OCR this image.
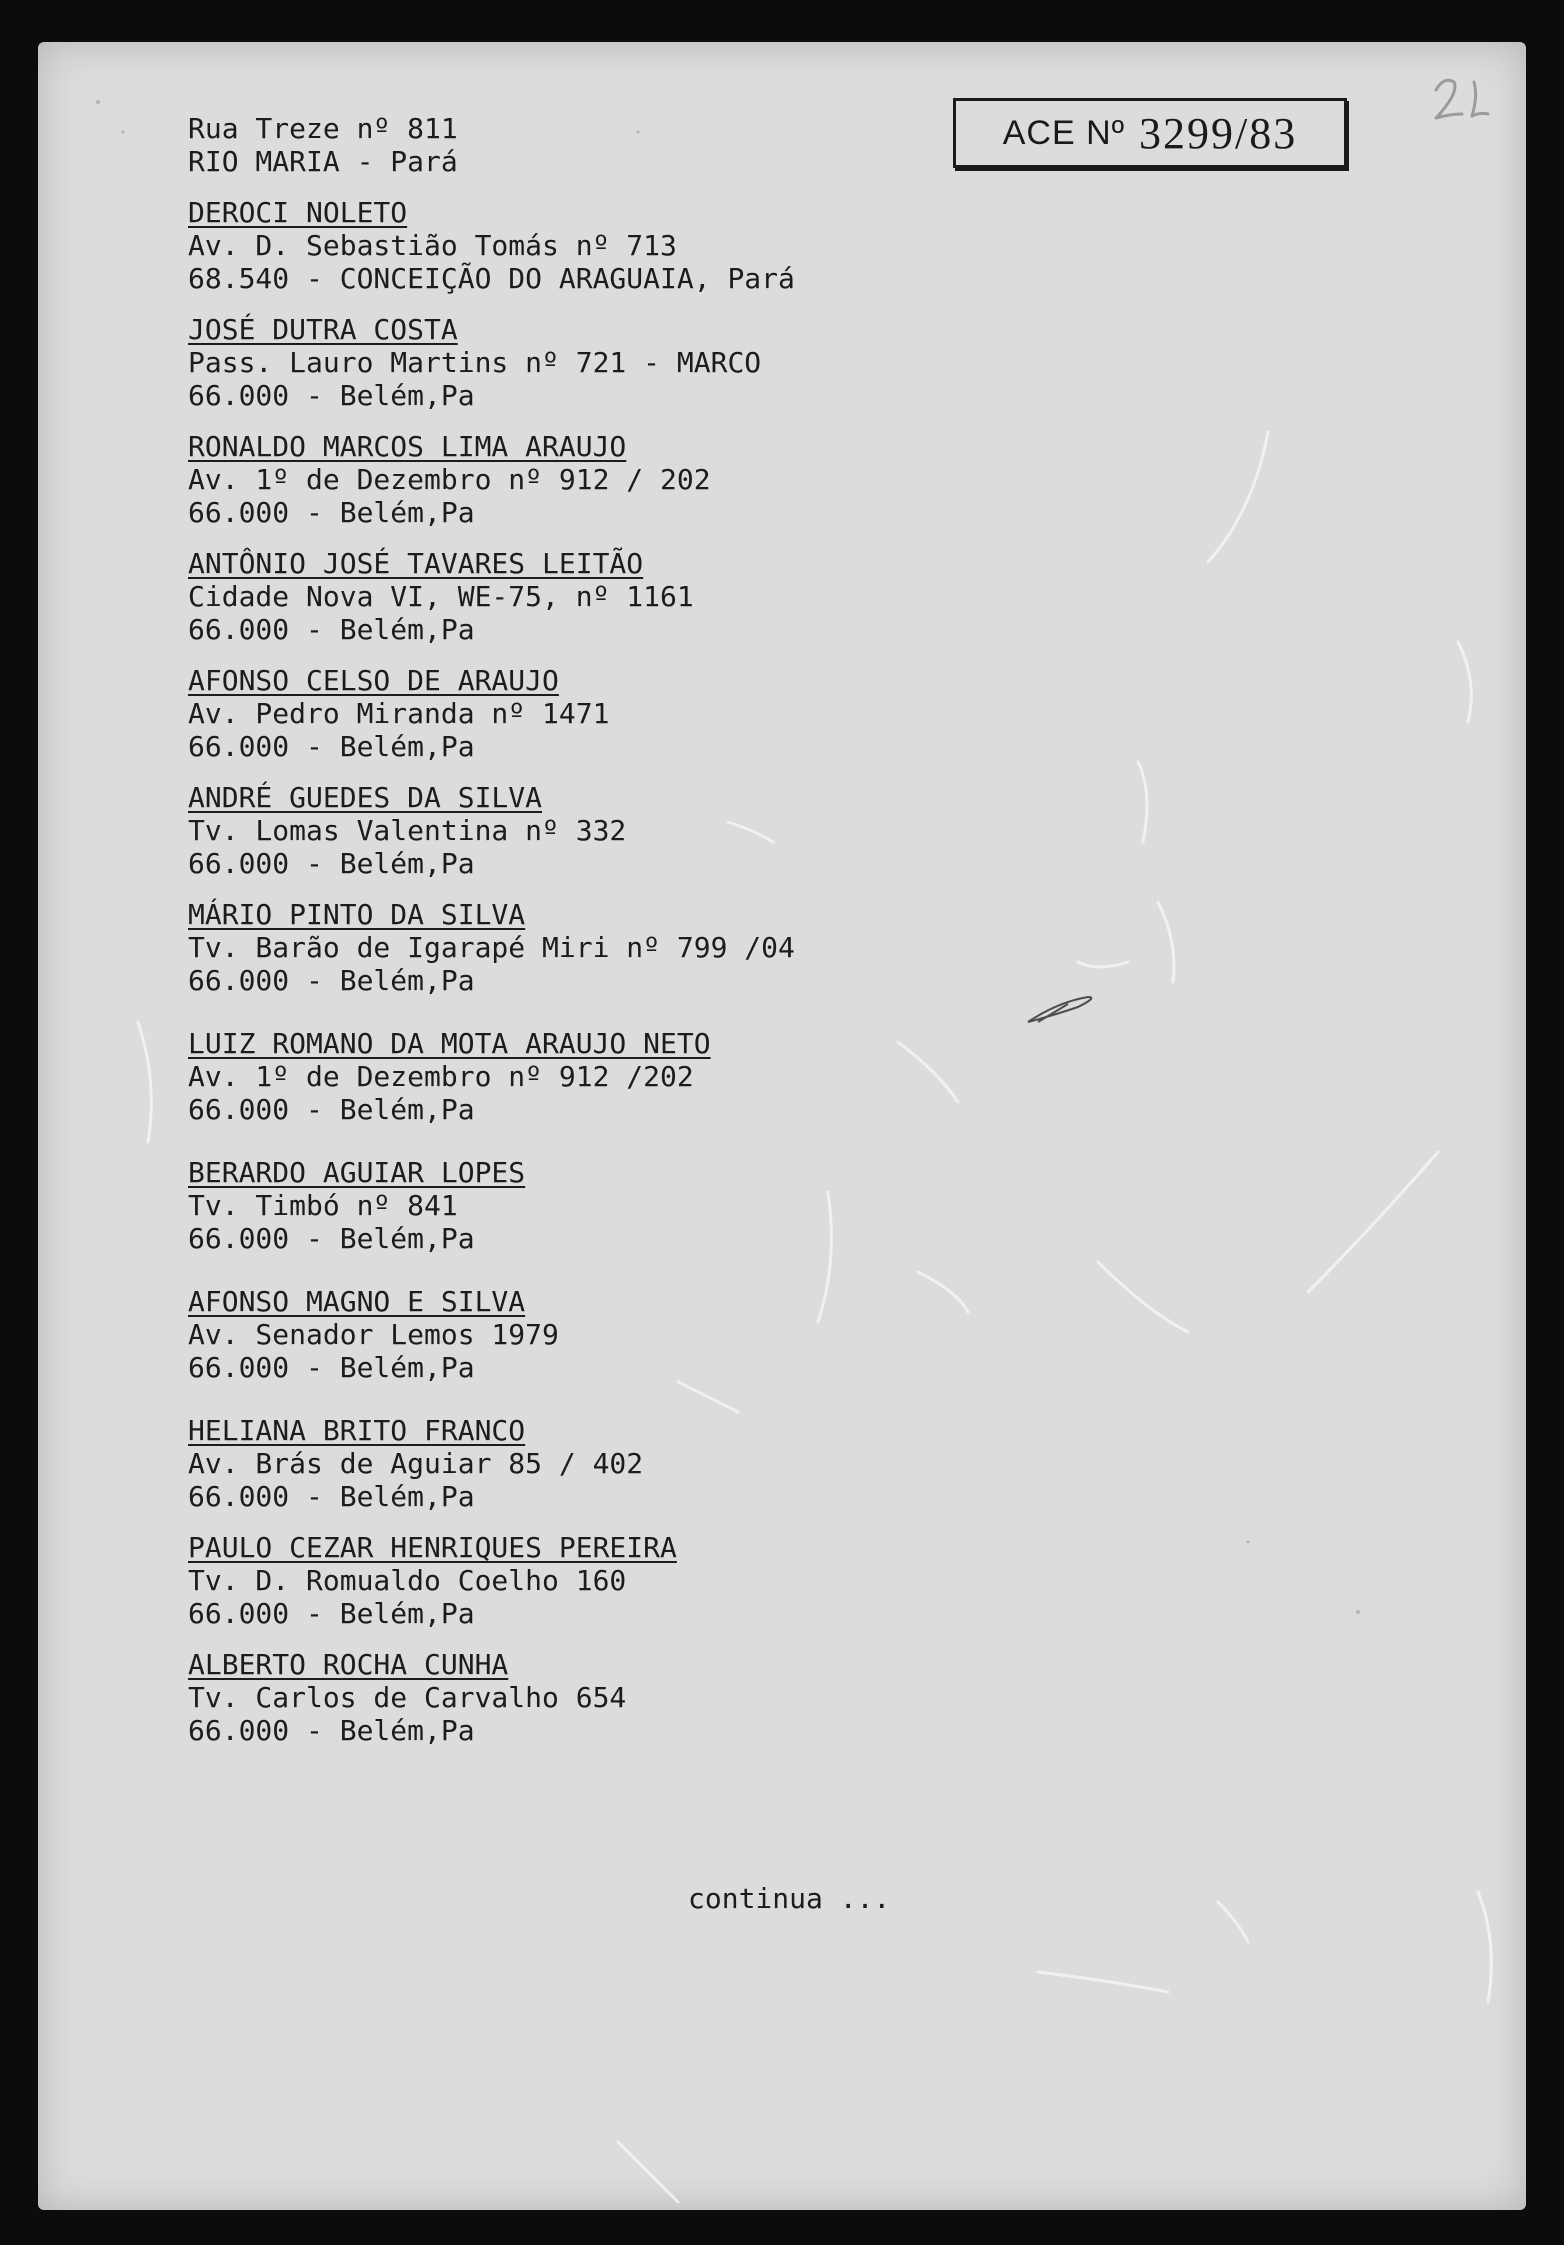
ACE Nº 3299/83
Rua Treze nº 811
RIO MARIA - Pará
DEROCI NOLETO
Av. D. Sebastião Tomás nº 713
68.540 - CONCEIÇÃO DO ARAGUAIA, Pará
JOSÉ DUTRA COSTA
Pass. Lauro Martins nº 721 - MARCO
66.000 - Belém,Pa
RONALDO MARCOS LIMA ARAUJO
Av. 1º de Dezembro nº 912 / 202
66.000 - Belém,Pa
ANTÔNIO JOSÉ TAVARES LEITÃO
Cidade Nova VI, WE-75, nº 1161
66.000 - Belém,Pa
AFONSO CELSO DE ARAUJO
Av. Pedro Miranda nº 1471
66.000 - Belém,Pa
ANDRÉ GUEDES DA SILVA
Tv. Lomas Valentina nº 332
66.000 - Belém,Pa
MÁRIO PINTO DA SILVA
Tv. Barão de Igarapé Miri nº 799 /04
66.000 - Belém,Pa
LUIZ ROMANO DA MOTA ARAUJO NETO
Av. 1º de Dezembro nº 912 /202
66.000 - Belém,Pa
BERARDO AGUIAR LOPES
Tv. Timbó nº 841
66.000 - Belém,Pa
AFONSO MAGNO E SILVA
Av. Senador Lemos 1979
66.000 - Belém,Pa
HELIANA BRITO FRANCO
Av. Brás de Aguiar 85 / 402
66.000 - Belém,Pa
PAULO CEZAR HENRIQUES PEREIRA
Tv. D. Romualdo Coelho 160
66.000 - Belém,Pa
ALBERTO ROCHA CUNHA
Tv. Carlos de Carvalho 654
66.000 - Belém,Pa
continua ...
